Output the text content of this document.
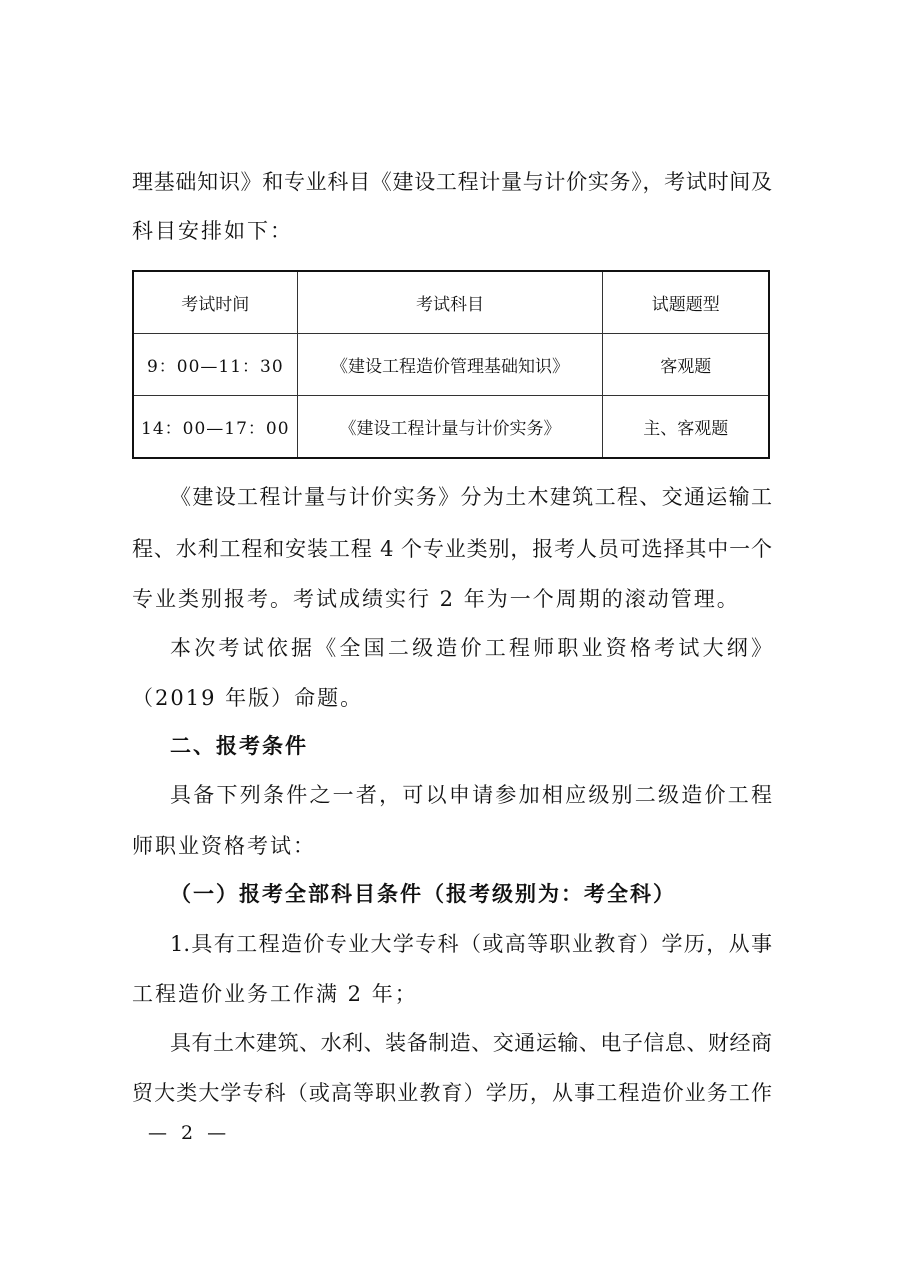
理基础知识》和专业科目《建设工程计量与计价实务》，考试时间及
科目安排如下：
考试时间	考试科目	试题题型
9：00—11：30	《建设工程造价管理基础知识》	客观题
14：00—17：00	《建设工程计量与计价实务》	主、客观题
《建设工程计量与计价实务》分为土木建筑工程、交通运输工
程、水利工程和安装工程 4 个专业类别，报考人员可选择其中一个
专业类别报考。考试成绩实行 2 年为一个周期的滚动管理。
本次考试依据《全国二级造价工程师职业资格考试大纲》
（2019 年版）命题。
二、报考条件
具备下列条件之一者，可以申请参加相应级别二级造价工程
师职业资格考试：
（一）报考全部科目条件（报考级别为：考全科）
1.具有工程造价专业大学专科（或高等职业教育）学历，从事
工程造价业务工作满 2 年；
具有土木建筑、水利、装备制造、交通运输、电子信息、财经商
贸大类大学专科（或高等职业教育）学历，从事工程造价业务工作
— 2 —
